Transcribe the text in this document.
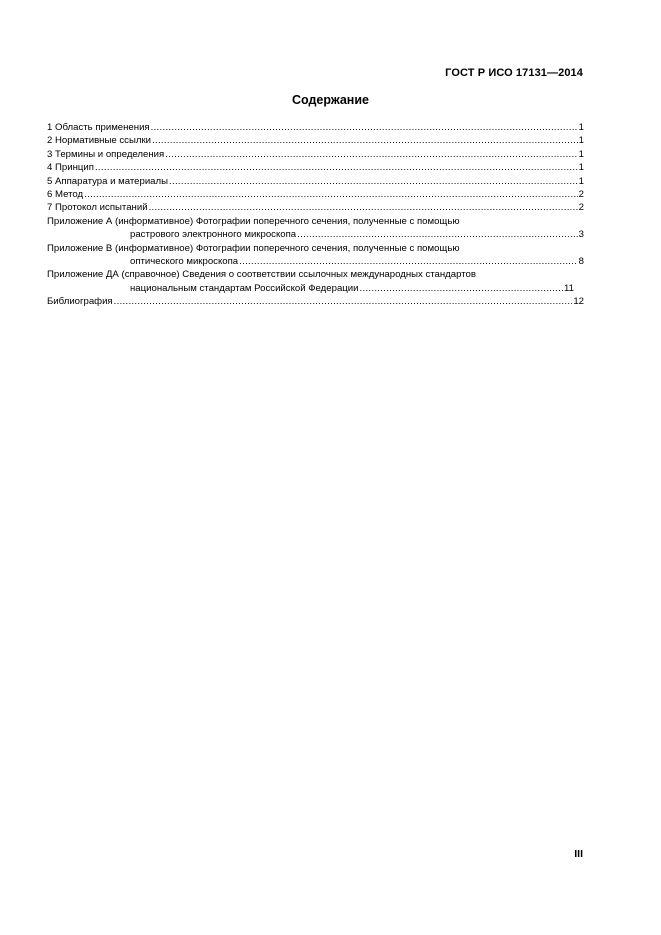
ГОСТ Р ИСО 17131—2014
Содержание
1 Область применения .....	1
2 Нормативные ссылки .....	1
3 Термины и определения .....	1
4 Принцип .....	1
5 Аппаратура и материалы .....	1
6 Метод .....	2
7 Протокол испытаний .....	2
Приложение А (информативное) Фотографии поперечного сечения, полученные с помощью
растрового электронного микроскопа .....	3
Приложение В (информативное) Фотографии поперечного сечения, полученные с помощью
оптического микроскопа .....	8
Приложение ДА (справочное) Сведения о соответствии ссылочных международных стандартов
национальным стандартам Российской Федерации .....	11
Библиография .....	12
III
